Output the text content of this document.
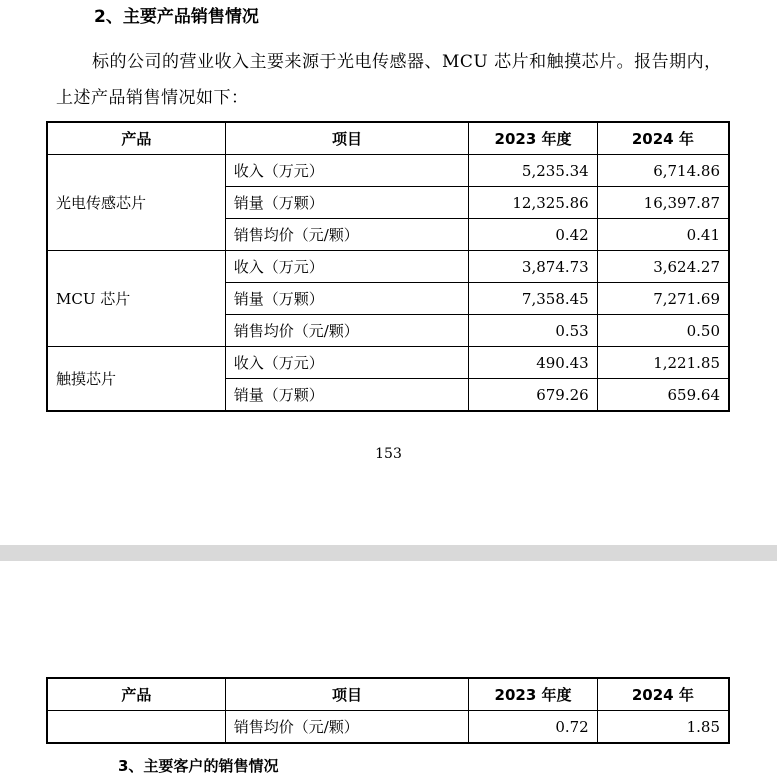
2、主要产品销售情况
标的公司的营业收入主要来源于光电传感器、MCU 芯片和触摸芯片。报告期内，上述产品销售情况如下：
产品	项目	2023 年度	2024 年
光电传感芯片	收入（万元）	5,235.34	6,714.86
	销量（万颗）	12,325.86	16,397.87
	销售均价（元/颗）	0.42	0.41
MCU 芯片	收入（万元）	3,874.73	3,624.27
	销量（万颗）	7,358.45	7,271.69
	销售均价（元/颗）	0.53	0.50
触摸芯片	收入（万元）	490.43	1,221.85
	销量（万颗）	679.26	659.64
153
产品	项目	2023 年度	2024 年
	销售均价（元/颗）	0.72	1.85
3、主要客户的销售情况
